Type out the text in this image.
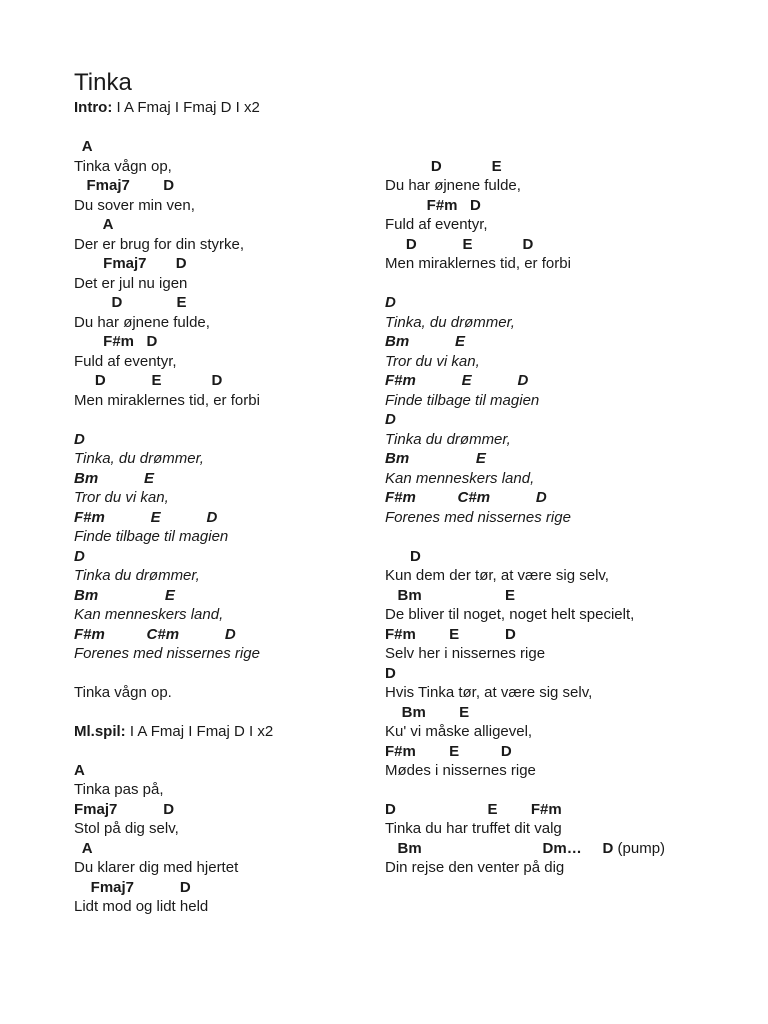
Tinka
Intro: I A Fmaj I Fmaj D I x2
A
Tinka vågn op,
Fmaj7        D
Du sover min ven,
A
Der er brug for din styrke,
Fmaj7       D
Det er jul nu igen
D             E
Du har øjnene fulde,
F#m   D
Fuld af eventyr,
D           E            D
Men miraklernes tid, er forbi
D
Tinka, du drømmer,
Bm           E
Tror du vi kan,
F#m           E           D
Finde tilbage til magien
D
Tinka du drømmer,
Bm                E
Kan menneskers land,
F#m          C#m           D
Forenes med nissernes rige
Tinka vågn op.
Ml.spil: I A Fmaj I Fmaj D I x2
A
Tinka pas på,
Fmaj7           D
Stol på dig selv,
A
Du klarer dig med hjertet
Fmaj7           D
Lidt mod og lidt held
D            E
Du har øjnene fulde,
F#m   D
Fuld af eventyr,
D           E            D
Men miraklernes tid, er forbi
D
Tinka, du drømmer,
Bm           E
Tror du vi kan,
F#m           E           D
Finde tilbage til magien
D
Tinka du drømmer,
Bm                E
Kan menneskers land,
F#m          C#m           D
Forenes med nissernes rige
D
Kun dem der tør, at være sig selv,
Bm                    E
De bliver til noget, noget helt specielt,
F#m        E           D
Selv her i nissernes rige
D
Hvis Tinka tør, at være sig selv,
Bm        E
Ku' vi måske alligevel,
F#m        E          D
Mødes i nissernes rige
D                      E        F#m
Tinka du har truffet dit valg
Bm                             Dm…     D (pump)
Din rejse den venter på dig
